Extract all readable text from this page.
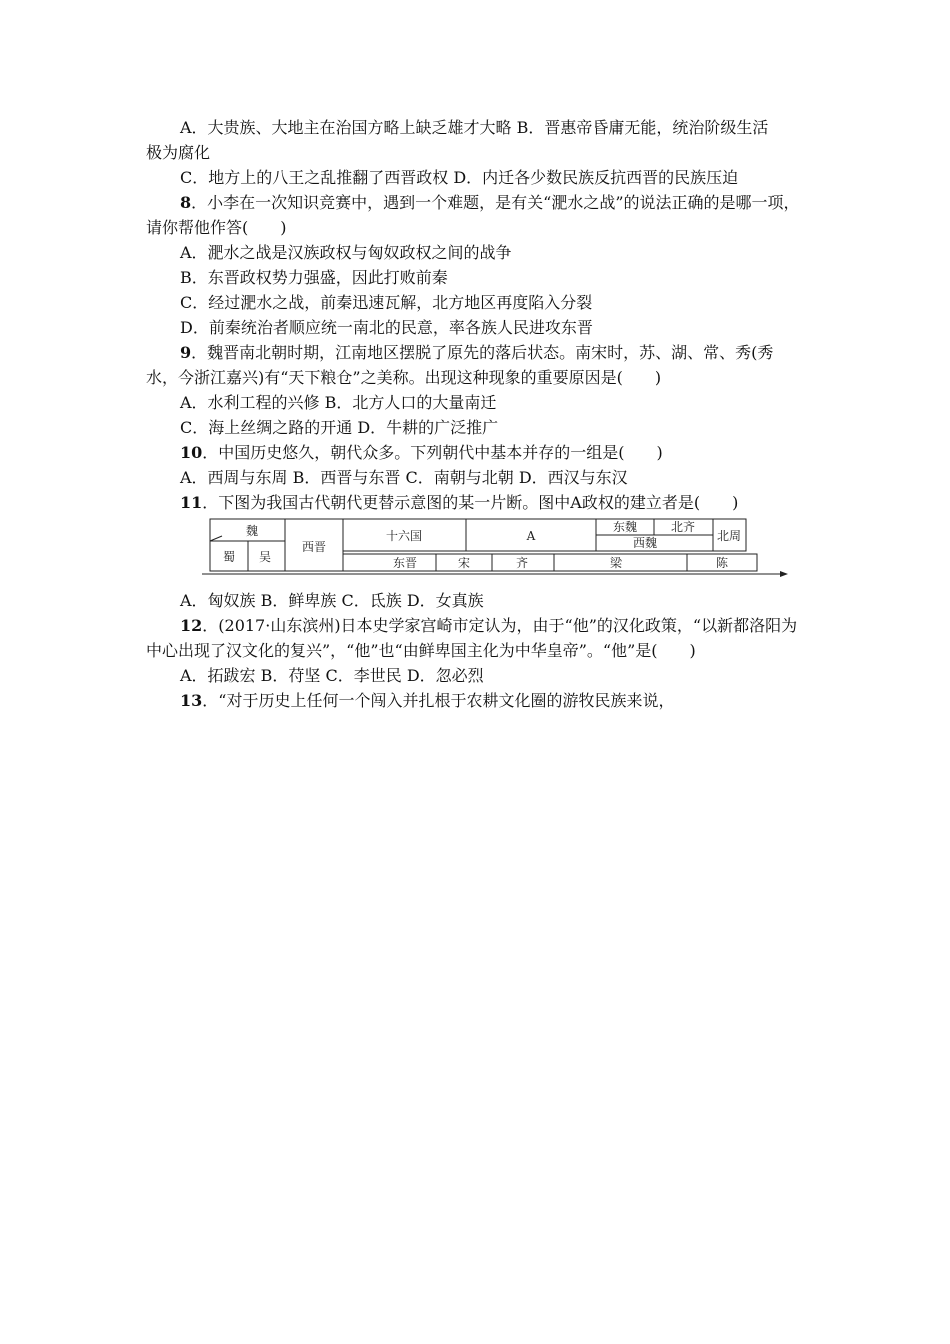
A．大贵族、大地主在治国方略上缺乏雄才大略 B．晋惠帝昏庸无能，统治阶级生活
极为腐化
C．地方上的八王之乱推翻了西晋政权 D．内迁各少数民族反抗西晋的民族压迫
8．小李在一次知识竞赛中，遇到一个难题，是有关“淝水之战”的说法正确的是哪一项，
请你帮他作答(　　)
A．淝水之战是汉族政权与匈奴政权之间的战争
B．东晋政权势力强盛，因此打败前秦
C．经过淝水之战，前秦迅速瓦解，北方地区再度陷入分裂
D．前秦统治者顺应统一南北的民意，率各族人民进攻东晋
9．魏晋南北朝时期，江南地区摆脱了原先的落后状态。南宋时，苏、湖、常、秀(秀
水，今浙江嘉兴)有“天下粮仓”之美称。出现这种现象的重要原因是(　　)
A．水利工程的兴修 B．北方人口的大量南迁
C．海上丝绸之路的开通 D．牛耕的广泛推广
10．中国历史悠久，朝代众多。下列朝代中基本并存的一组是(　　)
A．西周与东周 B．西晋与东晋 C．南朝与北朝 D．西汉与东汉
11．下图为我国古代朝代更替示意图的某一片断。图中A政权的建立者是(　　)
魏
蜀 吴
西晋
十六国	A
东魏	北齐
西魏	北周
东晋	宋	齐	梁	陈
A．匈奴族 B．鲜卑族 C．氐族 D．女真族
12．(2017·山东滨州)日本史学家宫崎市定认为，由于“他”的汉化政策，“以新都洛阳为
中心出现了汉文化的复兴”，“他”也“由鲜卑国主化为中华皇帝”。“他”是(　　)
A．拓跋宏 B．苻坚 C．李世民 D．忽必烈
13．“对于历史上任何一个闯入并扎根于农耕文化圈的游牧民族来说，
